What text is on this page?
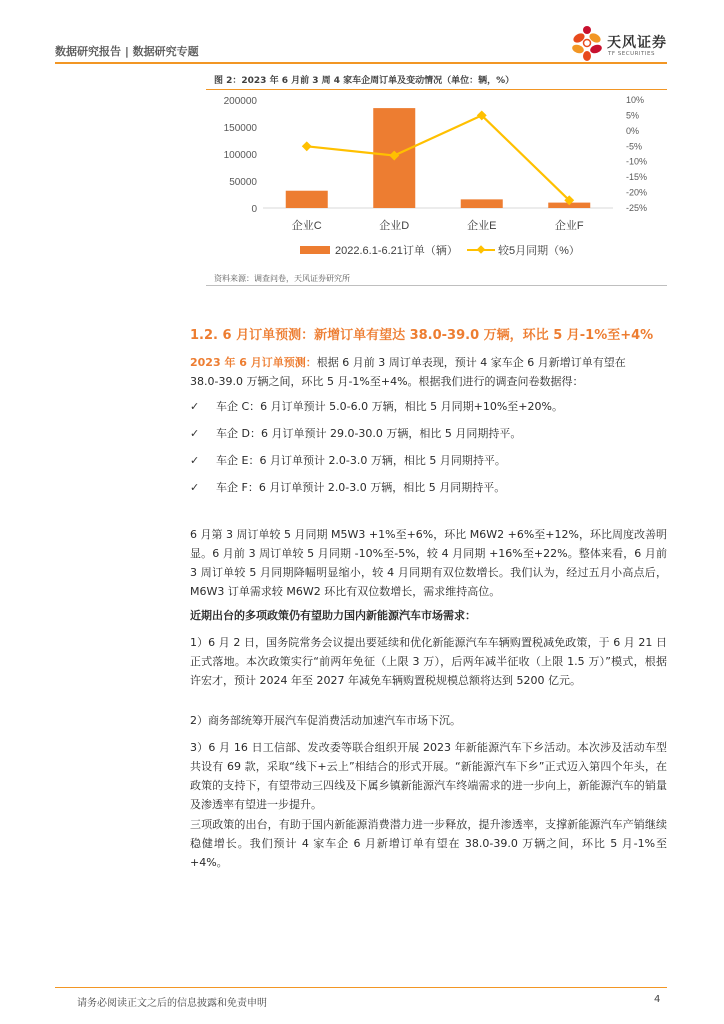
数据研究报告 | 数据研究专题
天风证券
TF SECURITIES
图 2：2023 年 6 月前 3 周 4 家车企周订单及变动情况（单位：辆，%）
0
50000
100000
150000
200000
-25%
-20%
-15%
-10%
-5%
0%
5%
10%
企业C	企业D	企业E	企业F
2022.6.1-6.21订单（辆）	较5月同期（%）
资料来源：调查问卷，天风证券研究所
1.2. 6 月订单预测：新增订单有望达 38.0-39.0 万辆，环比 5 月-1%至+4%
2023 年 6 月订单预测：根据 6 月前 3 周订单表现，预计 4 家车企 6 月新增订单有望在
38.0-39.0 万辆之间，环比 5 月-1%至+4%。根据我们进行的调查问卷数据得：
✓ 车企 C：6 月订单预计 5.0-6.0 万辆，相比 5 月同期+10%至+20%。
✓ 车企 D：6 月订单预计 29.0-30.0 万辆，相比 5 月同期持平。
✓ 车企 E：6 月订单预计 2.0-3.0 万辆，相比 5 月同期持平。
✓ 车企 F：6 月订单预计 2.0-3.0 万辆，相比 5 月同期持平。
6 月第 3 周订单较 5 月同期 M5W3 +1%至+6%，环比 M6W2 +6%至+12%，环比周度改善明显。6 月前 3 周订单较 5 月同期 -10%至-5%，较 4 月同期 +16%至+22%。整体来看，6 月前 3 周订单较 5 月同期降幅明显缩小，较 4 月同期有双位数增长。我们认为，经过五月小高点后，M6W3 订单需求较 M6W2 环比有双位数增长，需求维持高位。
近期出台的多项政策仍有望助力国内新能源汽车市场需求：
1）6 月 2 日，国务院常务会议提出要延续和优化新能源汽车车辆购置税减免政策，于 6 月 21 日正式落地。本次政策实行“前两年免征（上限 3 万），后两年减半征收（上限 1.5 万）”模式，根据许宏才，预计 2024 年至 2027 年减免车辆购置税规模总额将达到 5200 亿元。
2）商务部统筹开展汽车促消费活动加速汽车市场下沉。
3）6 月 16 日工信部、发改委等联合组织开展 2023 年新能源汽车下乡活动。本次涉及活动车型共设有 69 款，采取“线下+云上”相结合的形式开展。“新能源汽车下乡”正式迈入第四个年头，在政策的支持下，有望带动三四线及下属乡镇新能源汽车终端需求的进一步向上，新能源汽车的销量及渗透率有望进一步提升。
三项政策的出台，有助于国内新能源消费潜力进一步释放，提升渗透率，支撑新能源汽车产销继续稳健增长。我们预计 4 家车企 6 月新增订单有望在 38.0-39.0 万辆之间，环比 5 月-1%至+4%。
请务必阅读正文之后的信息披露和免责申明	4
